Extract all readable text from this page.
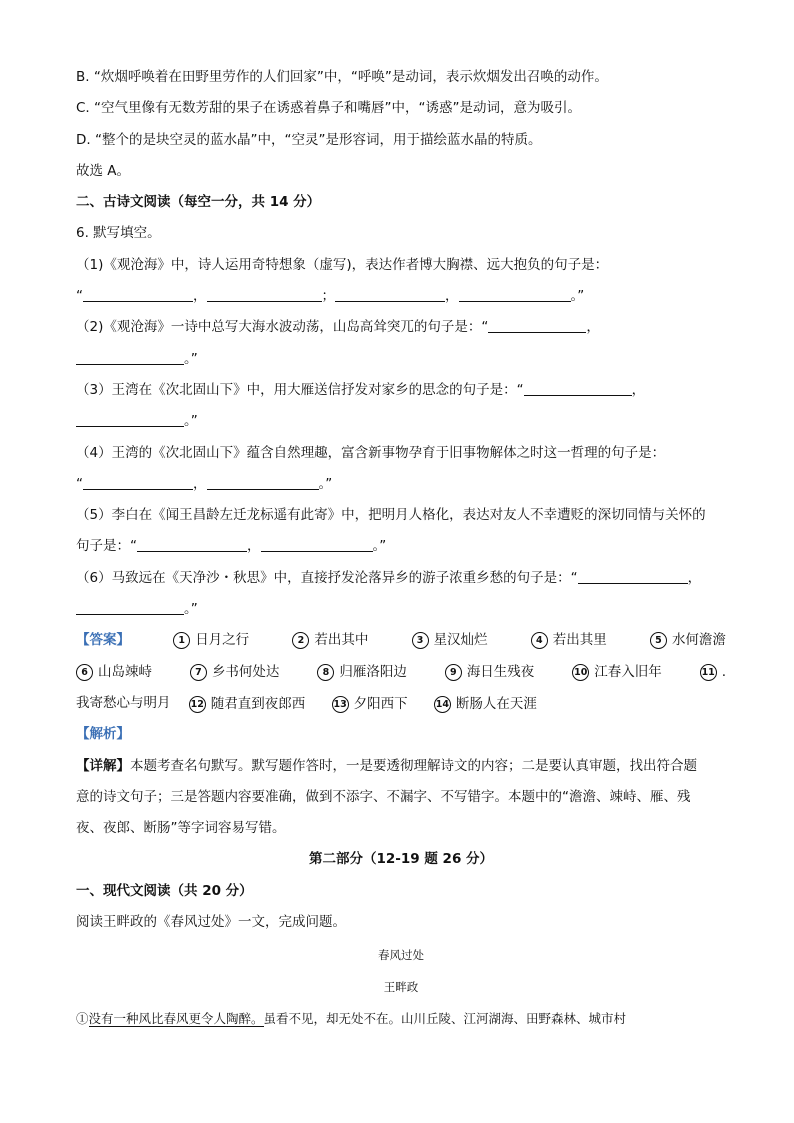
B. “炊烟呼唤着在田野里劳作的人们回家”中，“呼唤”是动词，表示炊烟发出召唤的动作。
C. “空气里像有无数芳甜的果子在诱惑着鼻子和嘴唇”中，“诱惑”是动词，意为吸引。
D. “整个的是块空灵的蓝水晶”中，“空灵”是形容词，用于描绘蓝水晶的特质。
故选 A。
二、古诗文阅读（每空一分，共 14 分）
6. 默写填空。
（1)《观沧海》中，诗人运用奇特想象（虚写)，表达作者博大胸襟、远大抱负的句子是：
“	，	；	，	。”
（2)《观沧海》一诗中总写大海水波动荡，山岛高耸突兀的句子是：“	，
。”
（3）王湾在《次北固山下》中，用大雁送信抒发对家乡的思念的句子是：“	，
。”
（4）王湾的《次北固山下》蕴含自然理趣，富含新事物孕育于旧事物解体之时这一哲理的句子是：
“	，	。”
（5）李白在《闻王昌龄左迁龙标遥有此寄》中，把明月人格化，表达对友人不幸遭贬的深切同情与关怀的
句子是：“	，	。”
（6）马致远在《天净沙・秋思》中，直接抒发沦落异乡的游子浓重乡愁的句子是：“	，
。”
【答案】	1 日月之行	2 若出其中	3 星汉灿烂	4 若出其里	5 水何澹澹
6 山岛竦峙	7 乡书何处达	8 归雁洛阳边	9 海日生残夜	10 江春入旧年	11 .
我寄愁心与明月 12 随君直到夜郎西
	13 夕阳西下
	14 断肠人在天涯
【解析】
【详解】本题考查名句默写。默写题作答时，一是要透彻理解诗文的内容；二是要认真审题，找出符合题
意的诗文句子；三是答题内容要准确，做到不添字、不漏字、不写错字。本题中的“澹澹、竦峙、雁、残
夜、夜郎、断肠”等字词容易写错。
第二部分（12-19 题 26 分）
一、现代文阅读（共 20 分）
阅读王畔政的《春风过处》一文，完成问题。
春风过处
王畔政
①没有一种风比春风更令人陶醉。虽看不见，却无处不在。山川丘陵、江河湖海、田野森林、城市村
